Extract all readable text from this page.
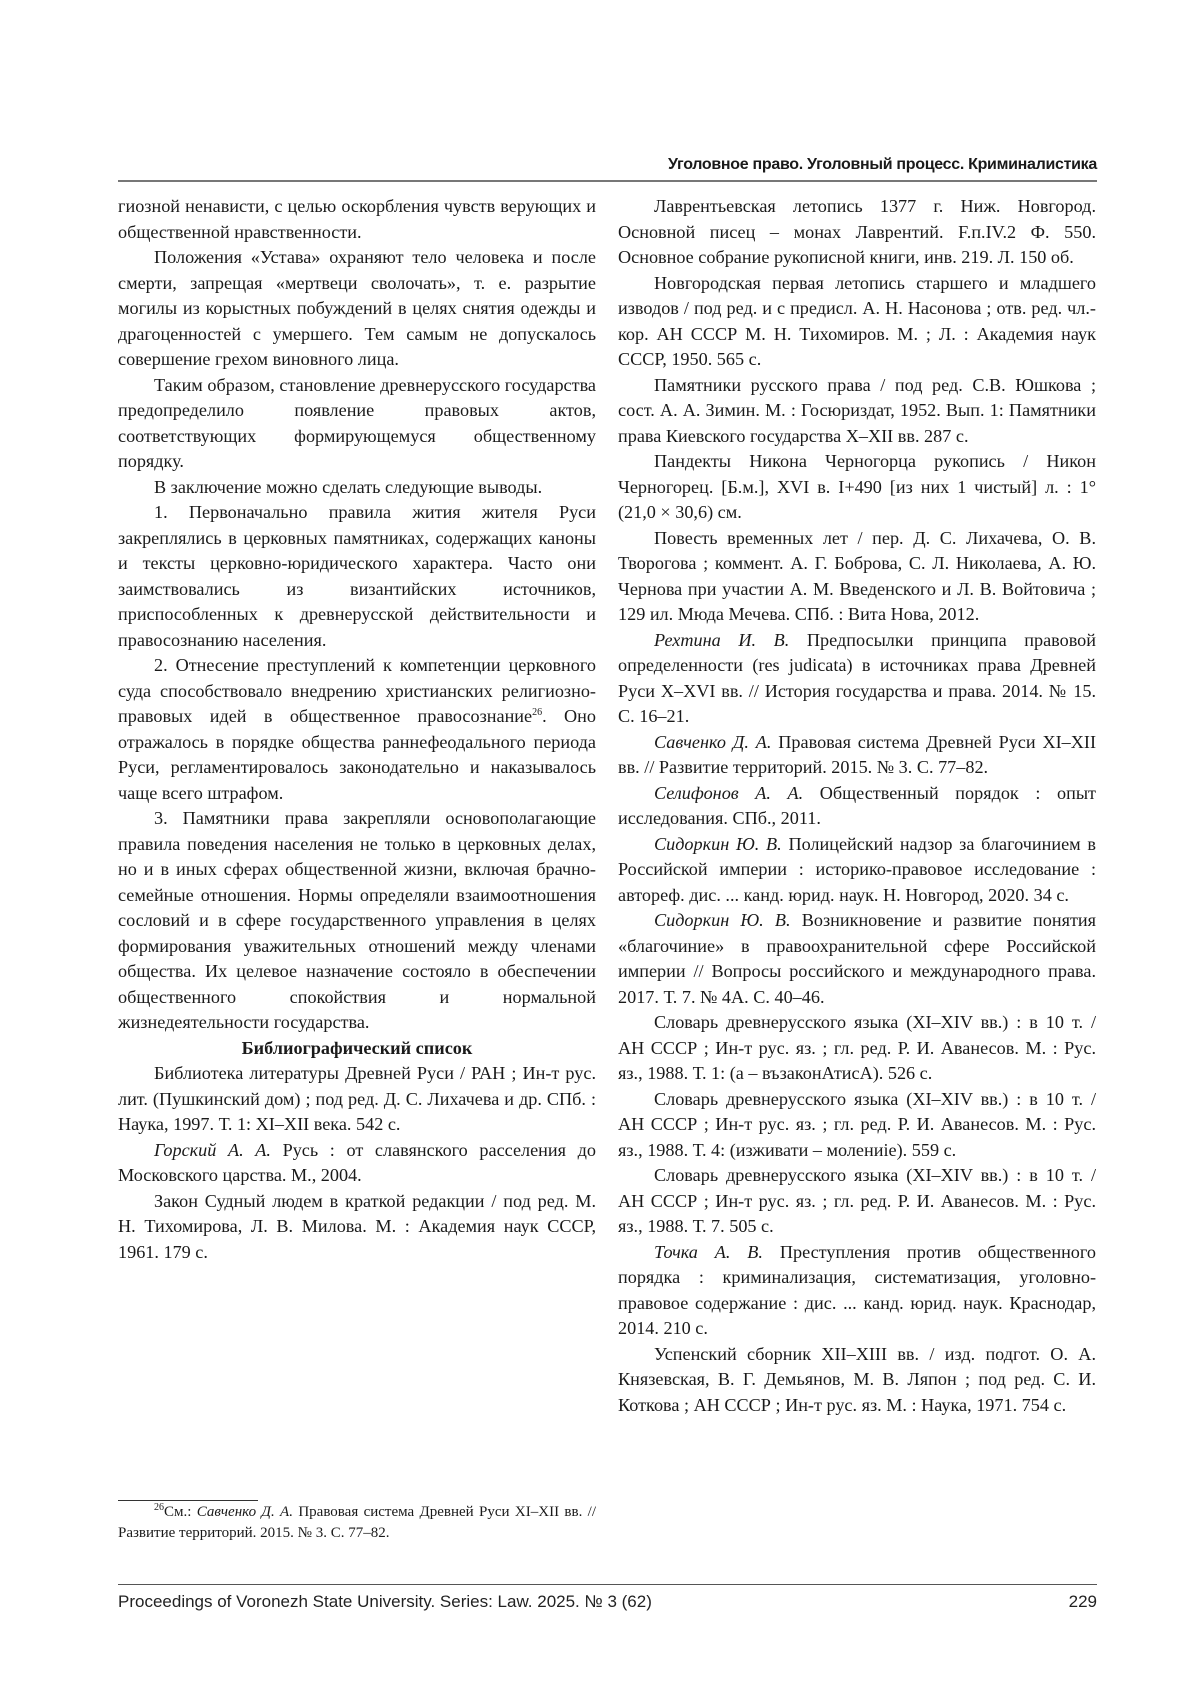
Уголовное право. Уголовный процесс. Криминалистика

гиозной ненависти, с целью оскорбления чувств верующих и общественной нравственности.

Положения «Устава» охраняют тело человека и после смерти, запрещая «мертвеци сволочать», т. е. разрытие могилы из корыстных побуждений в целях снятия одежды и драгоценностей с умершего. Тем самым не допускалось совершение грехом виновного лица.

Таким образом, становление древнерусского государства предопределило появление правовых актов, соответствующих формирующемуся общественному порядку.

В заключение можно сделать следующие выводы.

1. Первоначально правила жития жителя Руси закреплялись в церковных памятниках, содержащих каноны и тексты церковно-юридического характера. Часто они заимствовались из византийских источников, приспособленных к древнерусской действительности и правосознанию населения.

2. Отнесение преступлений к компетенции церковного суда способствовало внедрению христианских религиозно-правовых идей в общественное правосознание26. Оно отражалось в порядке общества раннефеодального периода Руси, регламентировалось законодательно и наказывалось чаще всего штрафом.

3. Памятники права закрепляли основополагающие правила поведения населения не только в церковных делах, но и в иных сферах общественной жизни, включая брачно-семейные отношения. Нормы определяли взаимоотношения сословий и в сфере государственного управления в целях формирования уважительных отношений между членами общества. Их целевое назначение состояло в обеспечении общественного спокойствия и нормальной жизнедеятельности государства.

Библиографический список

Библиотека литературы Древней Руси / РАН ; Ин-т рус. лит. (Пушкинский дом) ; под ред. Д. С. Лихачева и др. СПб. : Наука, 1997. Т. 1: XI–XII века. 542 с.

Горский А. А. Русь : от славянского расселения до Московского царства. М., 2004.

Закон Судный людем в краткой редакции / под ред. М. Н. Тихомирова, Л. В. Милова. М. : Академия наук СССР, 1961. 179 с.

26См.: Савченко Д. А. Правовая система Древней Руси XI–XII вв. // Развитие территорий. 2015. № 3. С. 77–82.

Лаврентьевская летопись 1377 г. Ниж. Новгород. Основной писец – монах Лаврентий. F.п.IV.2 Ф. 550. Основное собрание рукописной книги, инв. 219. Л. 150 об.

Новгородская первая летопись старшего и младшего изводов / под ред. и с предисл. А. Н. Насонова ; отв. ред. чл.-кор. АН СССР М. Н. Тихомиров. М. ; Л. : Академия наук СССР, 1950. 565 с.

Памятники русского права / под ред. С.В. Юшкова ; сост. А. А. Зимин. М. : Госюриздат, 1952. Вып. 1: Памятники права Киевского государства X–XII вв. 287 с.

Пандекты Никона Черногорца рукопись / Никон Черногорец. [Б.м.], XVI в. I+490 [из них 1 чистый] л. : 1°(21,0 × 30,6) см.

Повесть временных лет / пер. Д. С. Лихачева, О. В. Творогова ; коммент. А. Г. Боброва, С. Л. Николаева, А. Ю. Чернова при участии А. М. Введенского и Л. В. Войтовича ; 129 ил. Мюда Мечева. СПб. : Вита Нова, 2012.

Рехтина И. В. Предпосылки принципа правовой определенности (res judicata) в источниках права Древней Руси X–XVI вв. // История государства и права. 2014. № 15. С. 16–21.

Савченко Д. А. Правовая система Древней Руси XI–XII вв. // Развитие территорий. 2015. № 3. С. 77–82.

Селифонов А. А. Общественный порядок : опыт исследования. СПб., 2011.

Сидоркин Ю. В. Полицейский надзор за благочинием в Российской империи : историко-правовое исследование : автореф. дис. ... канд. юрид. наук. Н. Новгород, 2020. 34 с.

Сидоркин Ю. В. Возникновение и развитие понятия «благочиние» в правоохранительной сфере Российской империи // Вопросы российского и международного права. 2017. Т. 7. № 4А. С. 40–46.

Словарь древнерусского языка (XI–XIV вв.) : в 10 т. / АН СССР ; Ин-т рус. яз. ; гл. ред. Р. И. Аванесов. М. : Рус. яз., 1988. Т. 1: (а – възаконАтисА). 526 с.

Словарь древнерусского языка (XI–XIV вв.) : в 10 т. / АН СССР ; Ин-т рус. яз. ; гл. ред. Р. И. Аванесов. М. : Рус. яз., 1988. Т. 4: (изживати – молениie). 559 с.

Словарь древнерусского языка (XI–XIV вв.) : в 10 т. / АН СССР ; Ин-т рус. яз. ; гл. ред. Р. И. Аванесов. М. : Рус. яз., 1988. Т. 7. 505 с.

Точка А. В. Преступления против общественного порядка : криминализация, систематизация, уголовно-правовое содержание : дис. ... канд. юрид. наук. Краснодар, 2014. 210 с.

Успенский сборник XII–XIII вв. / изд. подгот. О. А. Князевская, В. Г. Демьянов, М. В. Ляпон ; под ред. С. И. Коткова ; АН СССР ; Ин-т рус. яз. М. : Наука, 1971. 754 с.

Proceedings of Voronezh State University. Series: Law. 2025. № 3 (62)	229
